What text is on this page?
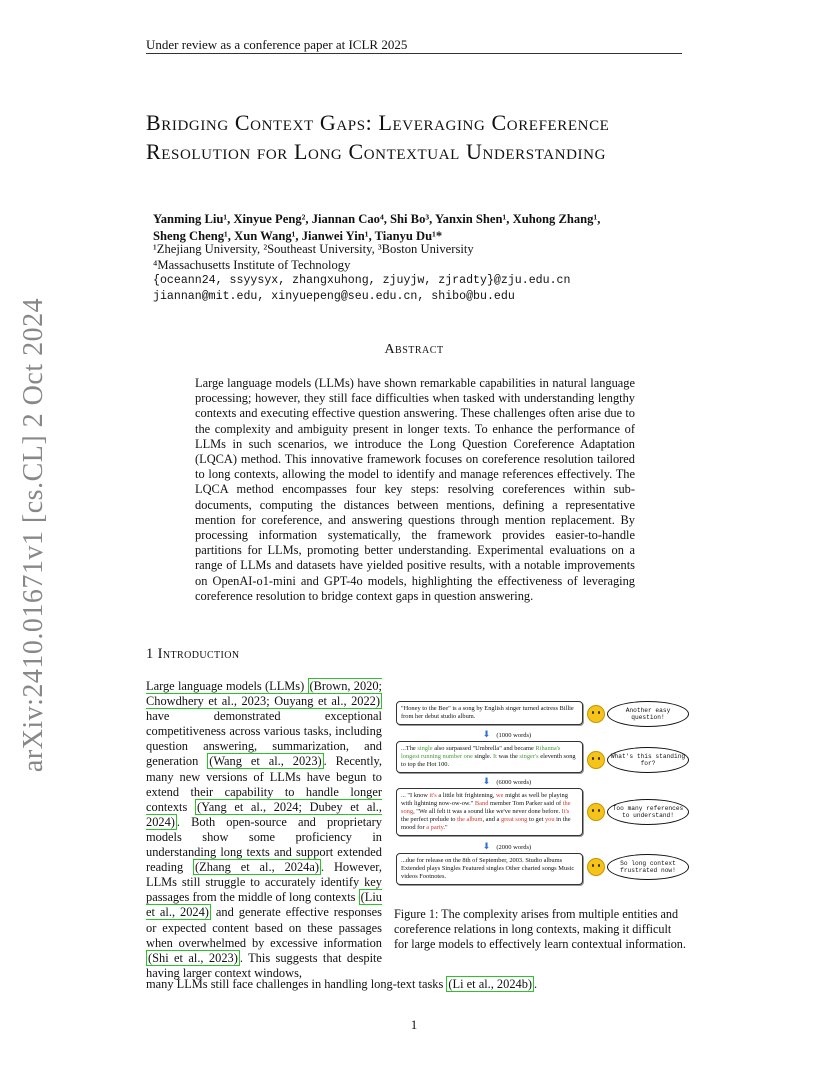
Under review as a conference paper at ICLR 2025
arXiv:2410.01671v1 [cs.CL] 2 Oct 2024
Bridging Context Gaps: Leveraging Coreference Resolution for Long Contextual Understanding
Yanming Liu¹, Xinyue Peng², Jiannan Cao⁴, Shi Bo³, Yanxin Shen¹, Xuhong Zhang¹,
Sheng Cheng¹, Xun Wang¹, Jianwei Yin¹, Tianyu Du¹*
¹Zhejiang University, ²Southeast University, ³Boston University
⁴Massachusetts Institute of Technology
{oceann24, ssyysyx, zhangxuhong, zjuyjw, zjradty}@zju.edu.cn
jiannan@mit.edu, xinyuepeng@seu.edu.cn, shibo@bu.edu
Abstract
Large language models (LLMs) have shown remarkable capabilities in natural language processing; however, they still face difficulties when tasked with understanding lengthy contexts and executing effective question answering. These challenges often arise due to the complexity and ambiguity present in longer texts. To enhance the performance of LLMs in such scenarios, we introduce the Long Question Coreference Adaptation (LQCA) method. This innovative framework focuses on coreference resolution tailored to long contexts, allowing the model to identify and manage references effectively. The LQCA method encompasses four key steps: resolving coreferences within sub-documents, computing the distances between mentions, defining a representative mention for coreference, and answering questions through mention replacement. By processing information systematically, the framework provides easier-to-handle partitions for LLMs, promoting better understanding. Experimental evaluations on a range of LLMs and datasets have yielded positive results, with a notable improvements on OpenAI-o1-mini and GPT-4o models, highlighting the effectiveness of leveraging coreference resolution to bridge context gaps in question answering.
1 Introduction
Large language models (LLMs) (Brown, 2020; Chowdhery et al., 2023; Ouyang et al., 2022) have demonstrated exceptional competitiveness across various tasks, including question answering, summarization, and generation (Wang et al., 2023) . Recently, many new versions of LLMs have begun to extend their capability to handle longer contexts (Yang et al., 2024; Dubey et al., 2024) . Both open-source and proprietary models show some proficiency in understanding long texts and support extended reading (Zhang et al., 2024a) . However, LLMs still struggle to accurately identify key passages from the middle of long contexts (Liu et al., 2024) and generate effective responses or expected content based on these passages when overwhelmed by excessive information (Shi et al., 2023) . This suggests that despite having larger context windows,
many LLMs still face challenges in handling long-text tasks (Li et al., 2024b) .
"Honey to the Bee" is a song by English singer turned actress Billie from her debut studio album.
⬇ (1000 words)
...The single also surpassed "Umbrella" and became Rihanna's longest running number one single. It was the singer's eleventh song to top the Hot 100.
⬇ (6000 words)
... "I know it's a little bit frightening, we might as well be playing with lightning now-ow-ow." Band member Tom Parker said of the song, "We all felt it was a sound like we've never done before. It's the perfect prelude to the album, and a great song to get you in the mood for a party."
⬇ (2000 words)
...due for release on the 8th of September, 2003. Studio albums Extended plays Singles Featured singles Other charted songs Music videos Footnotes.
Another easy question!
What's this standing for?
Too many references to understand!
So long context frustrated now!
Figure 1: The complexity arises from multiple entities and coreference relations in long contexts, making it difficult for large models to effectively learn contextual information.
1
